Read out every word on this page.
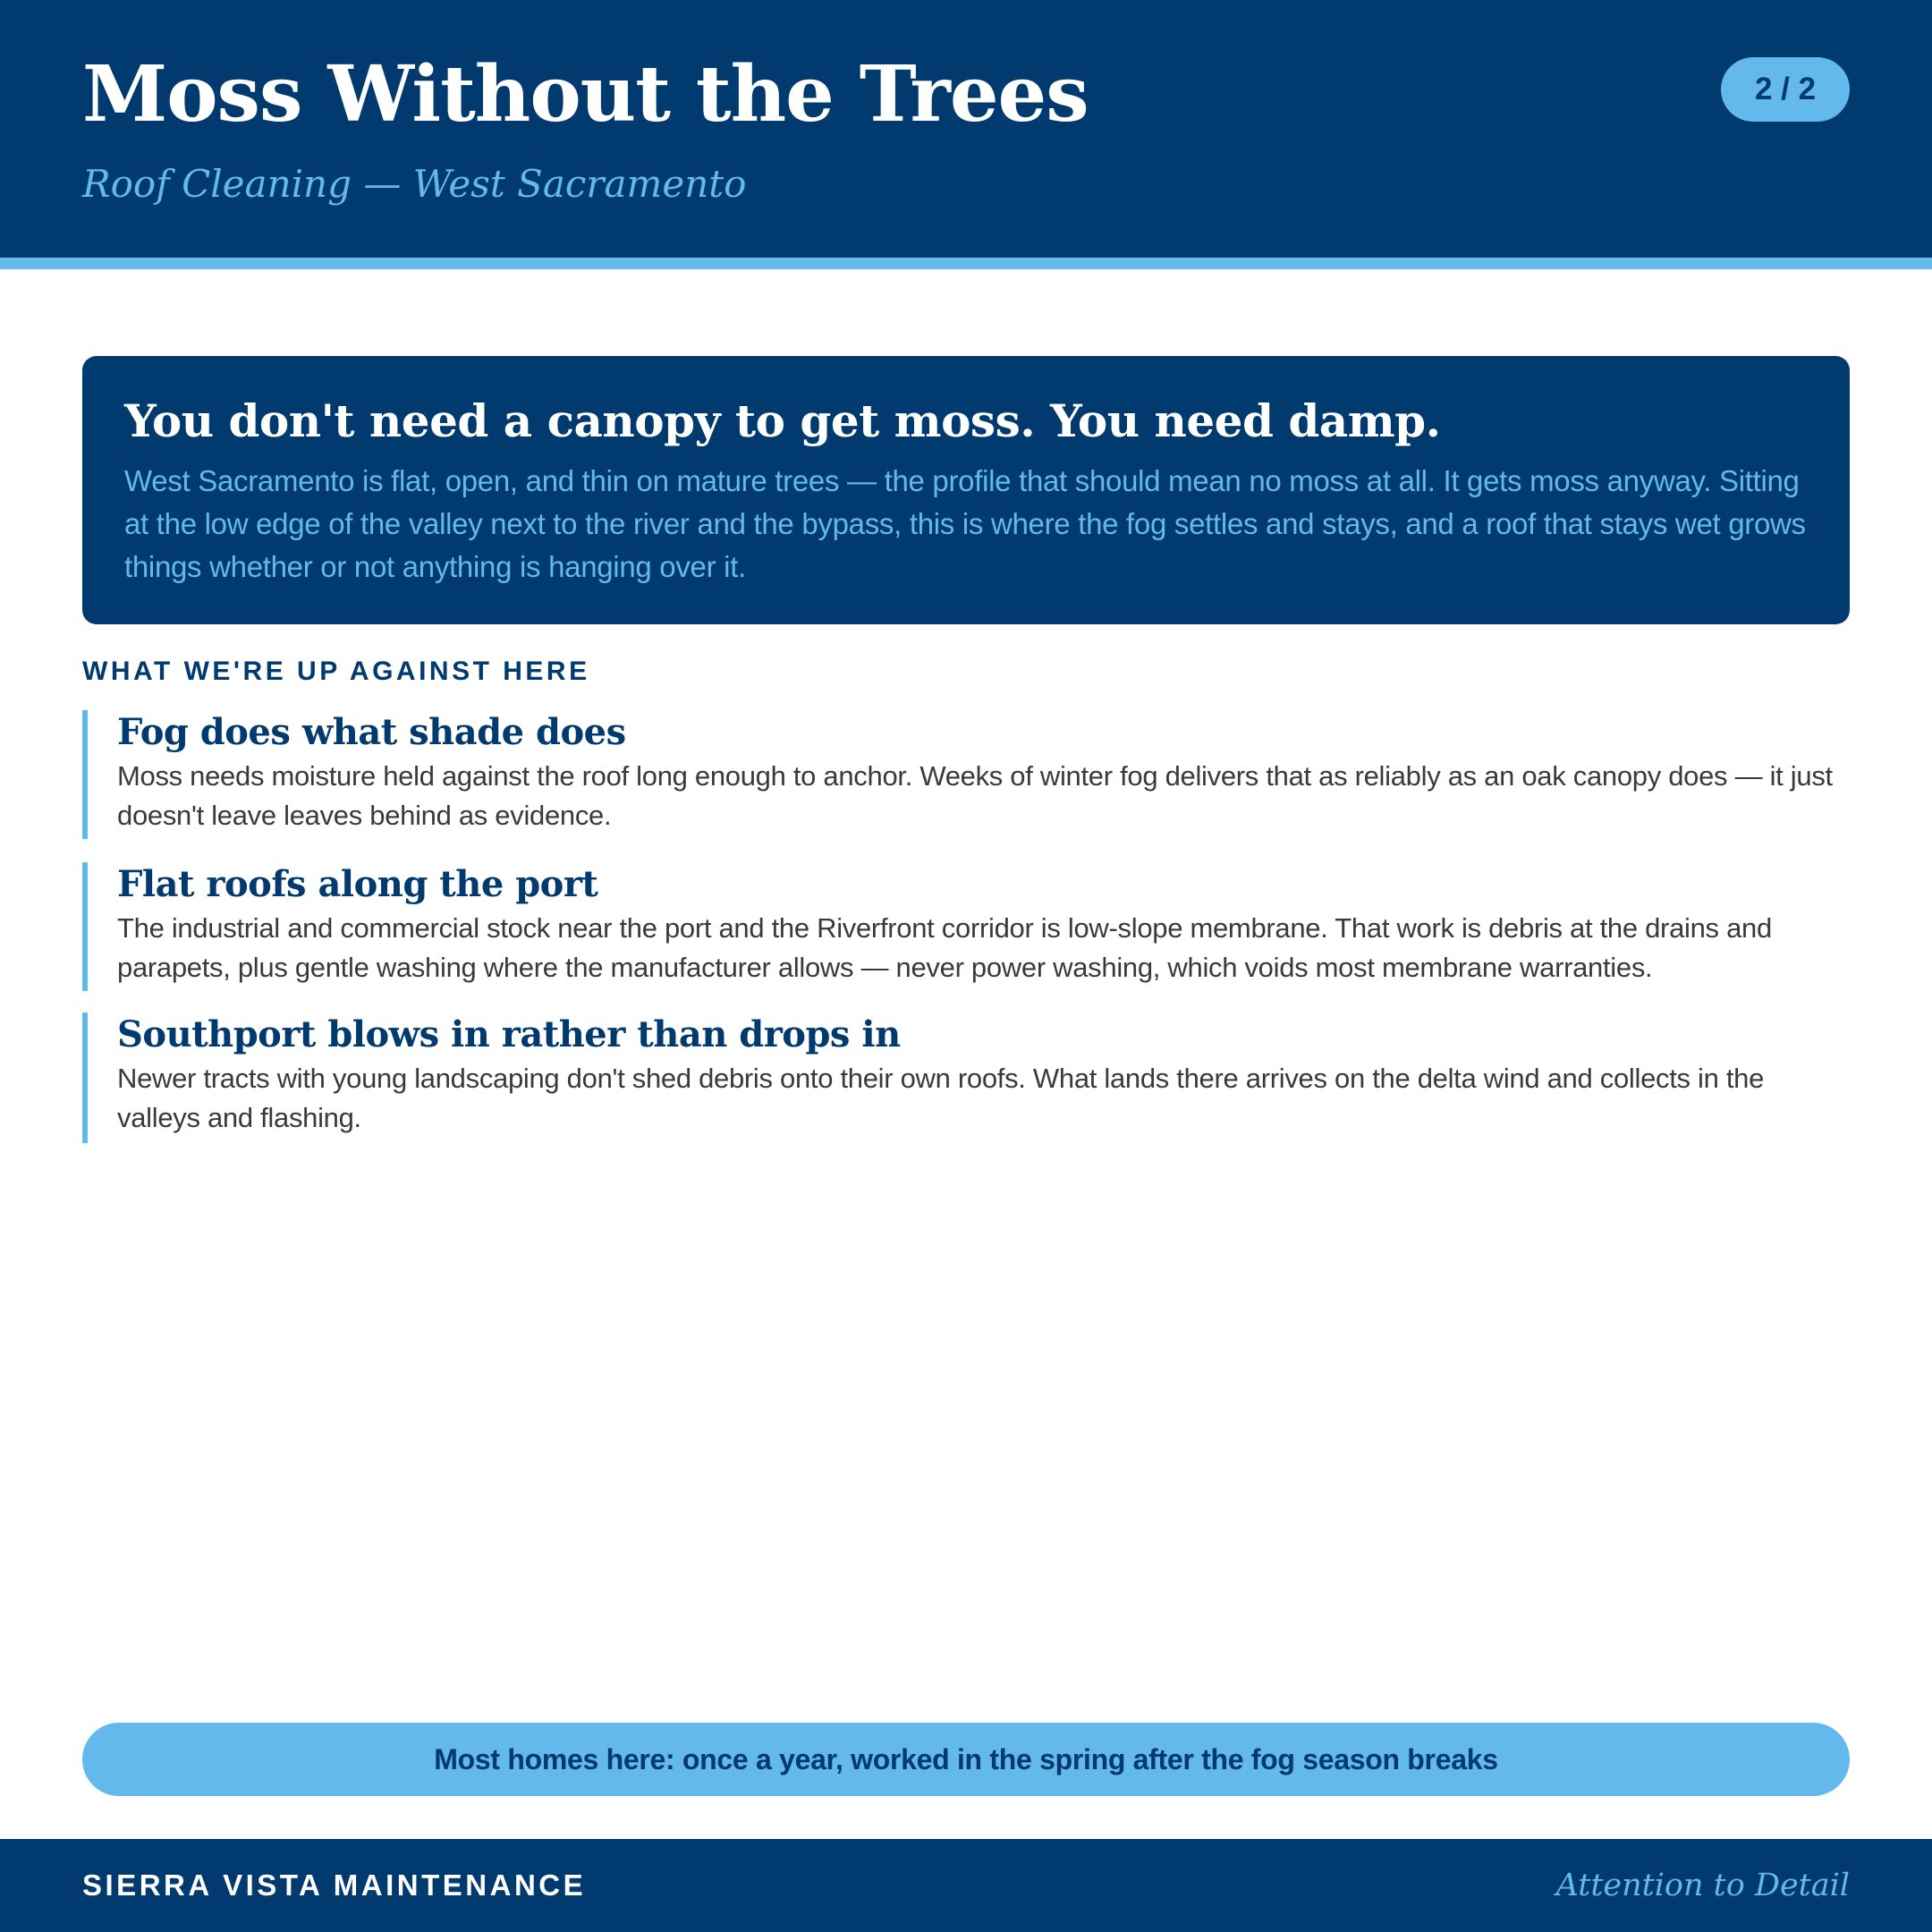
Moss Without the Trees

Roof Cleaning — West Sacramento

2 / 2
You don't need a canopy to get moss. You need damp.

West Sacramento is flat, open, and thin on mature trees — the profile that should mean no moss at all. It gets moss anyway. Sitting at the low edge of the valley next to the river and the bypass, this is where the fog settles and stays, and a roof that stays wet grows things whether or not anything is hanging over it.

WHAT WE'RE UP AGAINST HERE
Fog does what shade does

Moss needs moisture held against the roof long enough to anchor. Weeks of winter fog delivers that as reliably as an oak canopy does — it just doesn't leave leaves behind as evidence.

Flat roofs along the port

The industrial and commercial stock near the port and the Riverfront corridor is low-slope membrane. That work is debris at the drains and parapets, plus gentle washing where the manufacturer allows — never power washing, which voids most membrane warranties.

Southport blows in rather than drops in

Newer tracts with young landscaping don't shed debris onto their own roofs. What lands there arrives on the delta wind and collects in the valleys and flashing.

Most homes here: once a year, worked in the spring after the fog season breaks
SIERRA VISTA MAINTENANCE	Attention to Detail
